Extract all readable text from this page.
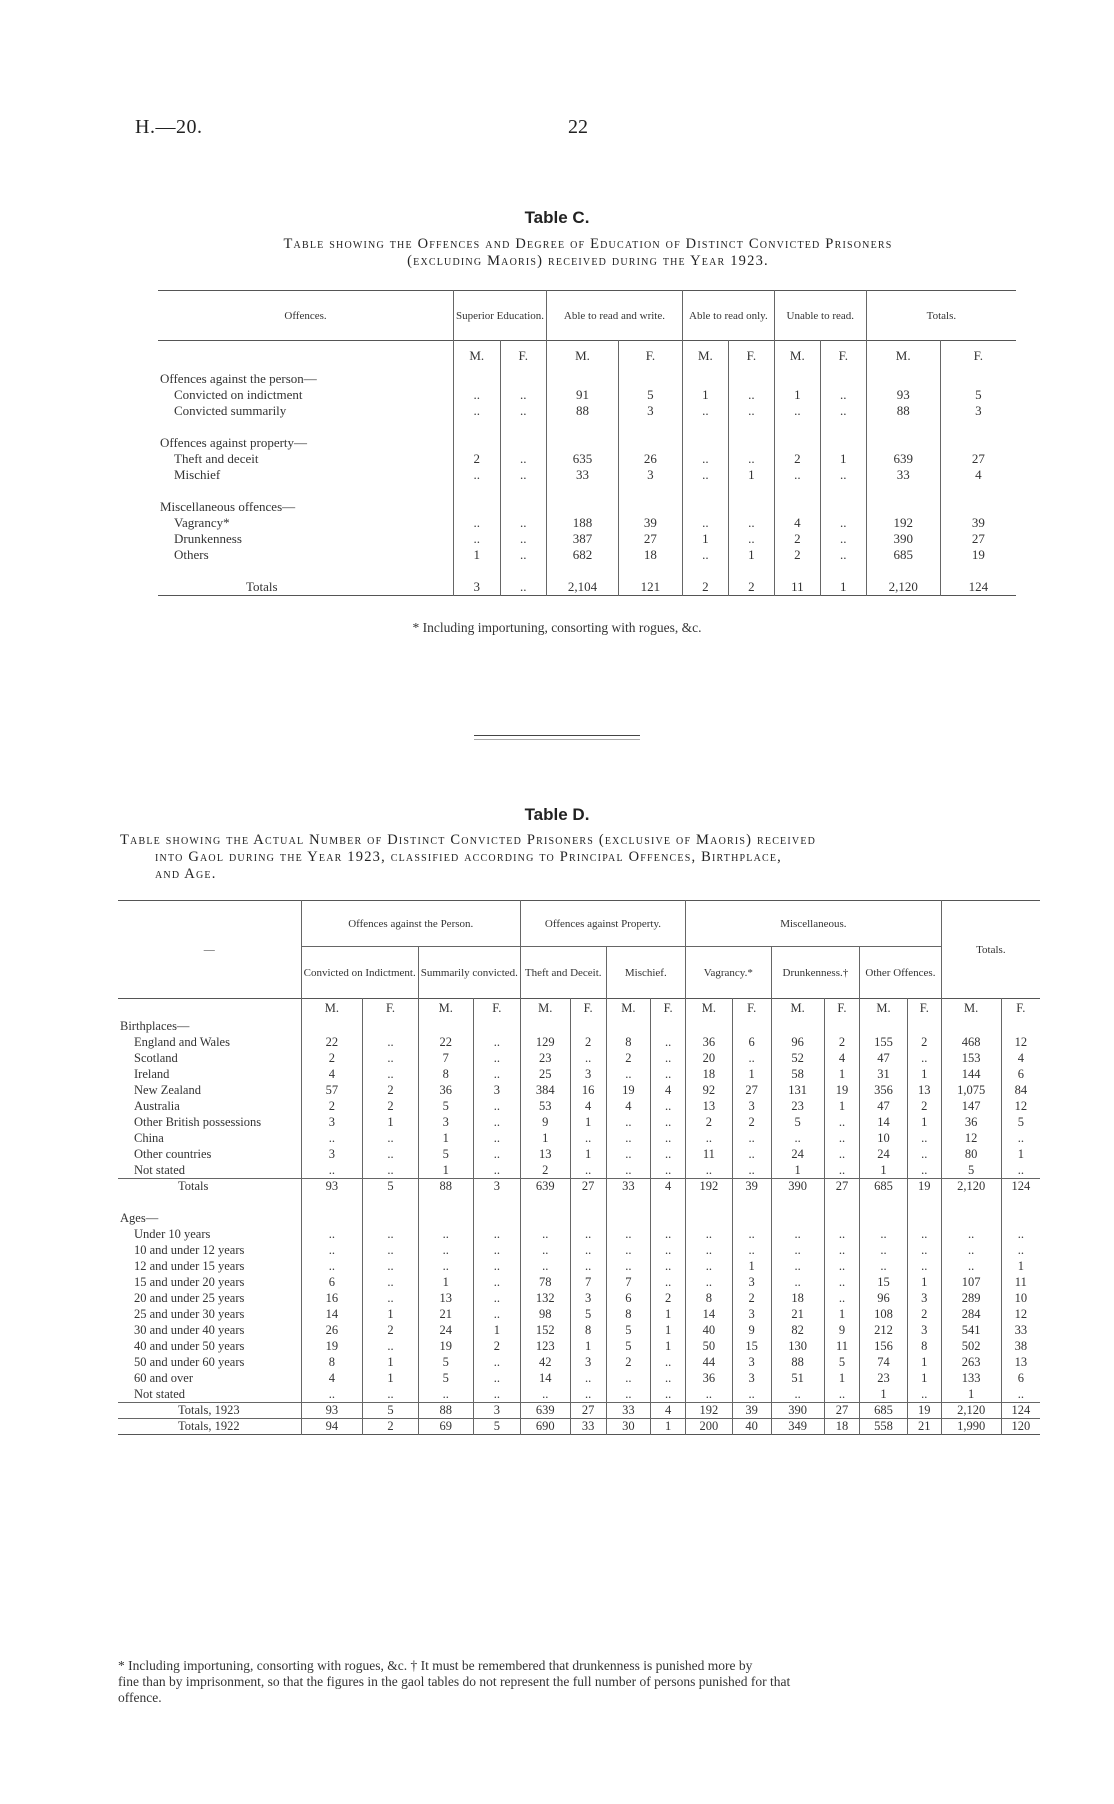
H.—20.	22
Table C.
Table showing the Offences and Degree of Education of Distinct Convicted Prisoners
(excluding Maoris) received during the Year 1923.
Offences.	Superior Education.		Able to read and write.		Able to read only.		Unable to read.		Totals.	
	M.	F.	M.	F.	M.	F.	M.	F.	M.	F.
Offences against the person—										
Convicted on indictment	..	..	91	5	1	..	1	..	93	5
Convicted summarily	..	..	88	3	..	..	..	..	88	3

Offences against property—										
Theft and deceit	2	..	635	26	..	..	2	1	639	27
Mischief	..	..	33	3	..	1	..	..	33	4

Miscellaneous offences—										
Vagrancy*	..	..	188	39	..	..	4	..	192	39
Drunkenness	..	..	387	27	1	..	2	..	390	27
Others	1	..	682	18	..	1	2	..	685	19

Totals	3	..	2,104	121	2	2	11	1	2,120	124
* Including importuning, consorting with rogues, &c.
Table D.
Table showing the Actual Number of Distinct Convicted Prisoners (exclusive of Maoris) received
into Gaol during the Year 1923, classified according to Principal Offences, Birthplace,
and Age.
—	Offences against the Person.				Offences against Property.				Miscellaneous.						Totals.	
	Convicted on Indictment.		Summarily convicted.		Theft and Deceit.		Mischief.		Vagrancy.*		Drunkenness.†		Other Offences.			
	M.	F.	M.	F.	M.	F.	M.	F.	M.	F.	M.	F.	M.	F.	M.	F.
Birthplaces—																
England and Wales	22	..	22	..	129	2	8	..	36	6	96	2	155	2	468	12
Scotland	2	..	7	..	23	..	2	..	20	..	52	4	47	..	153	4
Ireland	4	..	8	..	25	3	..	..	18	1	58	1	31	1	144	6
New Zealand	57	2	36	3	384	16	19	4	92	27	131	19	356	13	1,075	84
Australia	2	2	5	..	53	4	4	..	13	3	23	1	47	2	147	12
Other British possessions	3	1	3	..	9	1	..	..	2	2	5	..	14	1	36	5
China	..	..	1	..	1	..	..	..	..	..	..	..	10	..	12	..
Other countries	3	..	5	..	13	1	..	..	11	..	24	..	24	..	80	1
Not stated	..	..	1	..	2	..	..	..	..	..	1	..	1	..	5	..
Totals	93	5	88	3	639	27	33	4	192	39	390	27	685	19	2,120	124

Ages—																
Under 10 years	..	..	..	..	..	..	..	..	..	..	..	..	..	..	..	..
10 and under 12 years	..	..	..	..	..	..	..	..	..	..	..	..	..	..	..	..
12 and under 15 years	..	..	..	..	..	..	..	..	..	1	..	..	..	..	..	1
15 and under 20 years	6	..	1	..	78	7	7	..	..	3	..	..	15	1	107	11
20 and under 25 years	16	..	13	..	132	3	6	2	8	2	18	..	96	3	289	10
25 and under 30 years	14	1	21	..	98	5	8	1	14	3	21	1	108	2	284	12
30 and under 40 years	26	2	24	1	152	8	5	1	40	9	82	9	212	3	541	33
40 and under 50 years	19	..	19	2	123	1	5	1	50	15	130	11	156	8	502	38
50 and under 60 years	8	1	5	..	42	3	2	..	44	3	88	5	74	1	263	13
60 and over	4	1	5	..	14	..	..	..	36	3	51	1	23	1	133	6
Not stated	..	..	..	..	..	..	..	..	..	..	..	..	1	..	1	..
Totals, 1923	93	5	88	3	639	27	33	4	192	39	390	27	685	19	2,120	124
Totals, 1922	94	2	69	5	690	33	30	1	200	40	349	18	558	21	1,990	120
* Including importuning, consorting with rogues, &c. † It must be remembered that drunkenness is punished more by
fine than by imprisonment, so that the figures in the gaol tables do not represent the full number of persons punished for that
offence.
